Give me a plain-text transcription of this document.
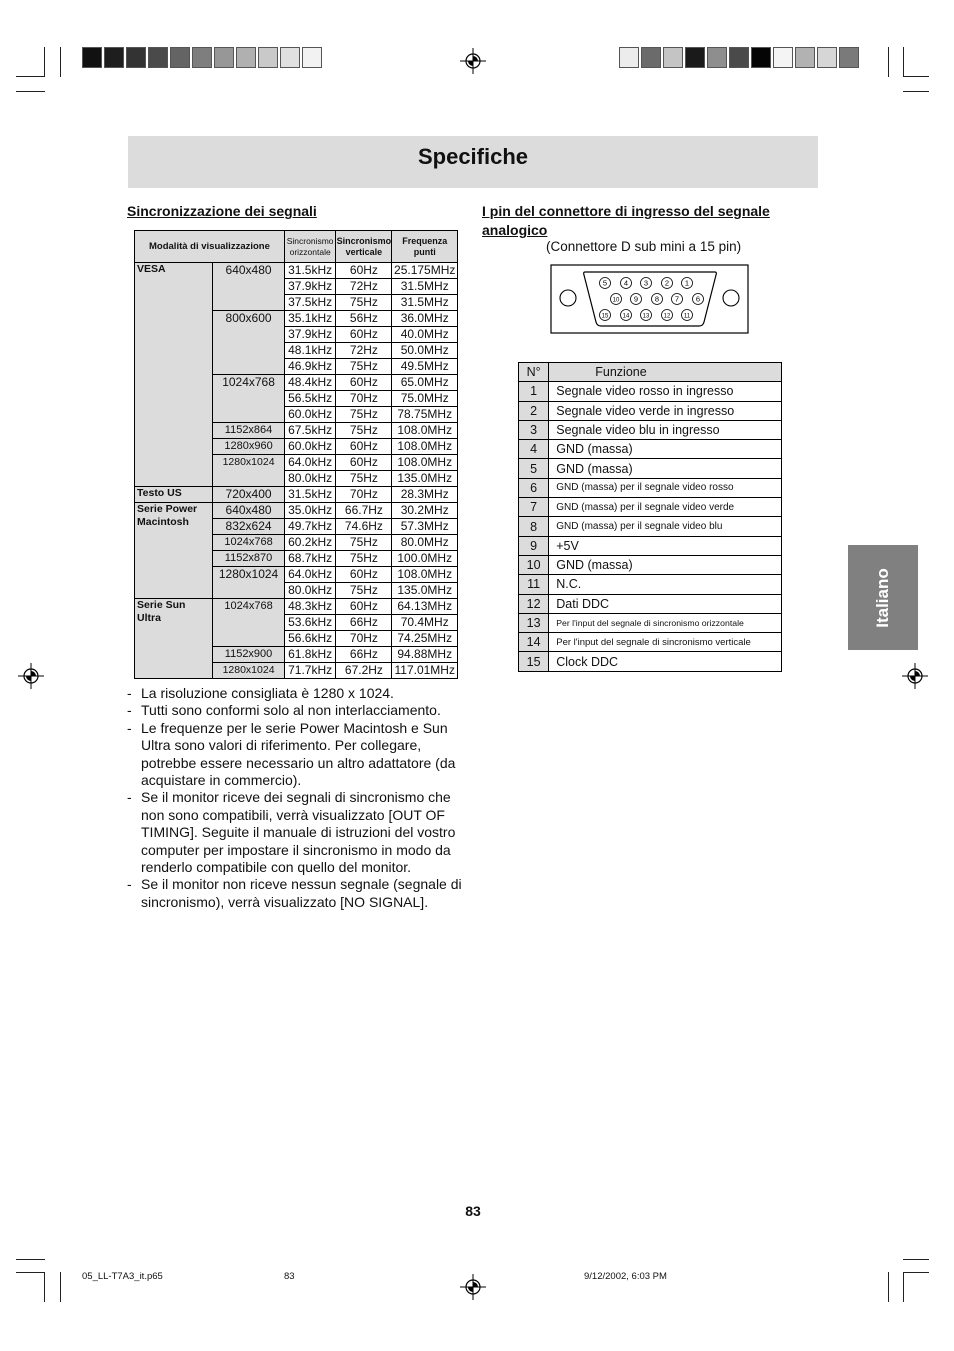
Specifiche
Italiano
Sincronizzazione dei segnali
Modalità di visualizzazione		Sincronismo orizzontale	Sincronismo verticale	Frequenza punti
VESA	640x480	31.5kHz	60Hz	25.175MHz
		37.9kHz	72Hz	31.5MHz
		37.5kHz	75Hz	31.5MHz
	800x600	35.1kHz	56Hz	36.0MHz
		37.9kHz	60Hz	40.0MHz
		48.1kHz	72Hz	50.0MHz
		46.9kHz	75Hz	49.5MHz
	1024x768	48.4kHz	60Hz	65.0MHz
		56.5kHz	70Hz	75.0MHz
		60.0kHz	75Hz	78.75MHz
	1152x864	67.5kHz	75Hz	108.0MHz
	1280x960	60.0kHz	60Hz	108.0MHz
	1280x1024	64.0kHz	60Hz	108.0MHz
		80.0kHz	75Hz	135.0MHz
Testo US	720x400	31.5kHz	70Hz	28.3MHz
Serie Power Macintosh	640x480	35.0kHz	66.7Hz	30.2MHz
	832x624	49.7kHz	74.6Hz	57.3MHz
	1024x768	60.2kHz	75Hz	80.0MHz
	1152x870	68.7kHz	75Hz	100.0MHz
	1280x1024	64.0kHz	60Hz	108.0MHz
		80.0kHz	75Hz	135.0MHz
Serie Sun Ultra	1024x768	48.3kHz	60Hz	64.13MHz
		53.6kHz	66Hz	70.4MHz
		56.6kHz	70Hz	74.25MHz
	1152x900	61.8kHz	66Hz	94.88MHz
	1280x1024	71.7kHz	67.2Hz	117.01MHz
- La risoluzione consigliata è 1280 x 1024.
- Tutti sono conformi solo al non interlacciamento.
- Le frequenze per le serie Power Macintosh e Sun Ultra sono valori di riferimento. Per collegare, potrebbe essere necessario un altro adattatore (da acquistare in commercio).
- Se il monitor riceve dei segnali di sincronismo che non sono compatibili, verrà visualizzato [OUT OF TIMING]. Seguite il manuale di istruzioni del vostro computer per impostare il sincronismo in modo da renderlo compatibile con quello del monitor.
- Se il monitor non riceve nessun segnale (segnale di sincronismo), verrà visualizzato [NO SIGNAL].
I pin del connettore di ingresso del segnale analogico
(Connettore D sub mini a 15 pin)
5 4 3 2 1
10 9 8 7 6
15 14 13 12 11
N°	Funzione
1	Segnale video rosso in ingresso
2	Segnale video verde in ingresso
3	Segnale video blu in ingresso
4	GND (massa)
5	GND (massa)
6	GND (massa) per il segnale video rosso
7	GND (massa) per il segnale video verde
8	GND (massa) per il segnale video blu
9	+5V
10	GND (massa)
11	N.C.
12	Dati DDC
13	Per l'input del segnale di sincronismo orizzontale
14	Per l'input del segnale di sincronismo verticale
15	Clock DDC
83
05_LL-T7A3_it.p65	83	9/12/2002, 6:03 PM
